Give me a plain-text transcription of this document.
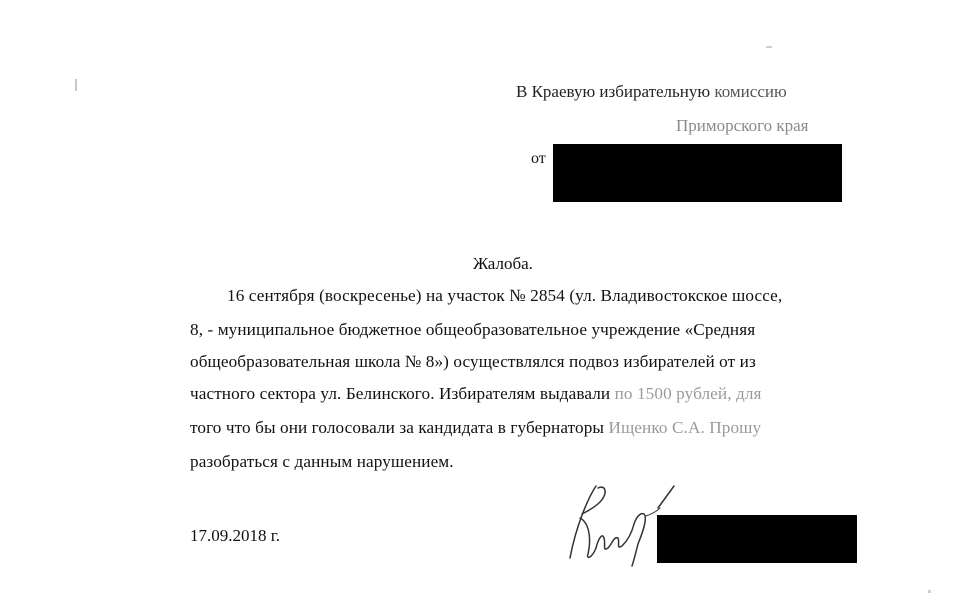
В Краевую избирательную комиссию
Приморского края
от
Жалоба.
16 сентября (воскресенье) на участок № 2854 (ул. Владивостокское шоссе,
8, - муниципальное бюджетное общеобразовательное учреждение «Средняя
общеобразовательная школа № 8») осуществлялся подвоз избирателей от из
частного сектора ул. Белинского. Избирателям выдавали по 1500 рублей, для
того что бы они голосовали за кандидата в губернаторы Ищенко С.А. Прошу
разобраться с данным нарушением.
17.09.2018 г.
